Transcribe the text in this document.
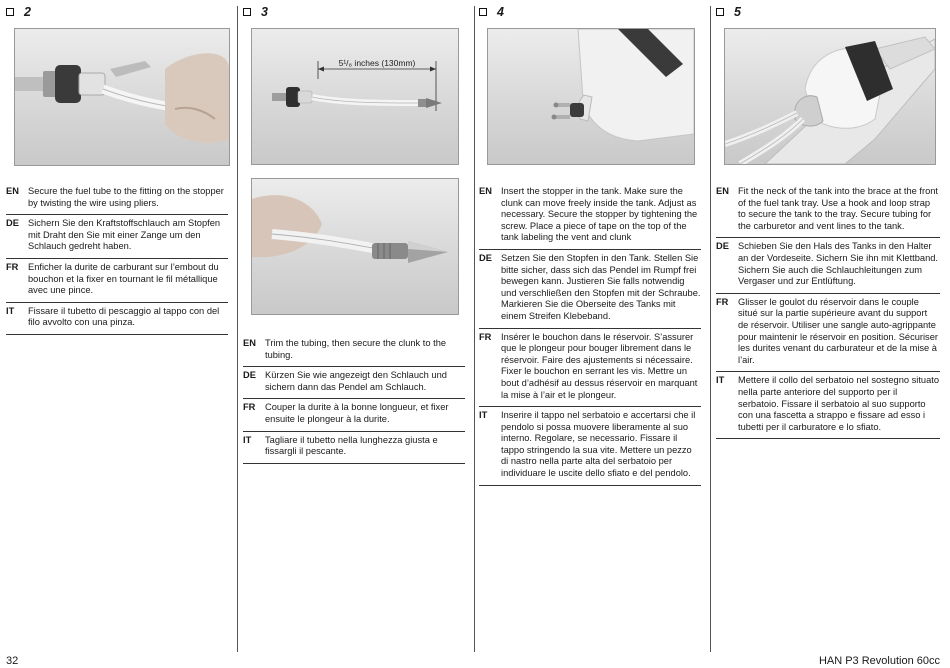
2
EN Secure the fuel tube to the fitting on the stopper by twisting the wire using pliers.
DE Sichern Sie den Kraftstoffschlauch am Stopfen mit Draht den Sie mit einer Zange um den Schlauch gedreht haben.
FR	Enficher la durite de carburant sur l’embout du bouchon et la fixer en tournant le fil métallique avec une pince.
IT	Fissare il tubetto di pescaggio al tappo con del filo avvolto con una pinza.
3
5¹/₈ inches (130mm)
EN Trim the tubing, then secure the clunk to the tubing.
DE Kürzen Sie wie angezeigt den Schlauch und sichern dann das Pendel am Schlauch.
FR	Couper la durite à la bonne longueur, et fixer ensuite le plongeur à la durite.
IT	Tagliare il tubetto nella lunghezza giusta e fissargli il pescante.
4
EN Insert the stopper in the tank. Make sure the clunk can move freely inside the tank. Adjust as necessary. Secure the stopper by tightening the screw. Place a piece of tape on the top of the tank labeling the vent and clunk
DE Setzen Sie den Stopfen in den Tank. Stellen Sie bitte sicher, dass sich das Pendel im Rumpf frei bewegen kann. Justieren Sie falls notwendig und verschließen den Stopfen mit der Schraube. Markieren Sie die Oberseite des Tanks mit einem Streifen Klebeband.
FR	Insérer le bouchon dans le réservoir. S’assurer que le plongeur pour bouger librement dans le réservoir. Faire des ajustements si nécessaire. Fixer le bouchon en serrant les vis. Mettre un bout d’adhésif au dessus réservoir en marquant la mise à l’air et le plongeur.
IT	Inserire il tappo nel serbatoio e accertarsi che il pendolo si possa muovere liberamente al suo interno. Regolare, se necessario. Fissare il tappo stringendo la sua vite. Mettere un pezzo di nastro nella parte alta del serbatoio per individuare le uscite dello sfiato e del pendolo.
5
EN Fit the neck of the tank into the brace at the front of the fuel tank tray. Use a hook and loop strap to secure the tank to the tray. Secure tubing for the carburetor and vent lines to the tank.
DE Schieben Sie den Hals des Tanks in den Halter an der Vordeseite. Sichern Sie ihn mit Klettband. Sichern Sie auch die Schlauchleitungen zum Vergaser und zur Entlüftung.
FR	Glisser le goulot du réservoir dans le couple situé sur la partie supérieure avant du support de réservoir. Utiliser une sangle auto-agrippante pour maintenir le réservoir en position. Sécuriser les durites venant du carburateur et de la mise à l’air.
IT	Mettere il collo del serbatoio nel sostegno situato nella parte anteriore del supporto per il serbatoio. Fissare il serbatoio al suo supporto con una fascetta a strappo e fissare ad esso i tubetti per il carburatore e lo sfiato.
32	HAN P3 Revolution 60cc
